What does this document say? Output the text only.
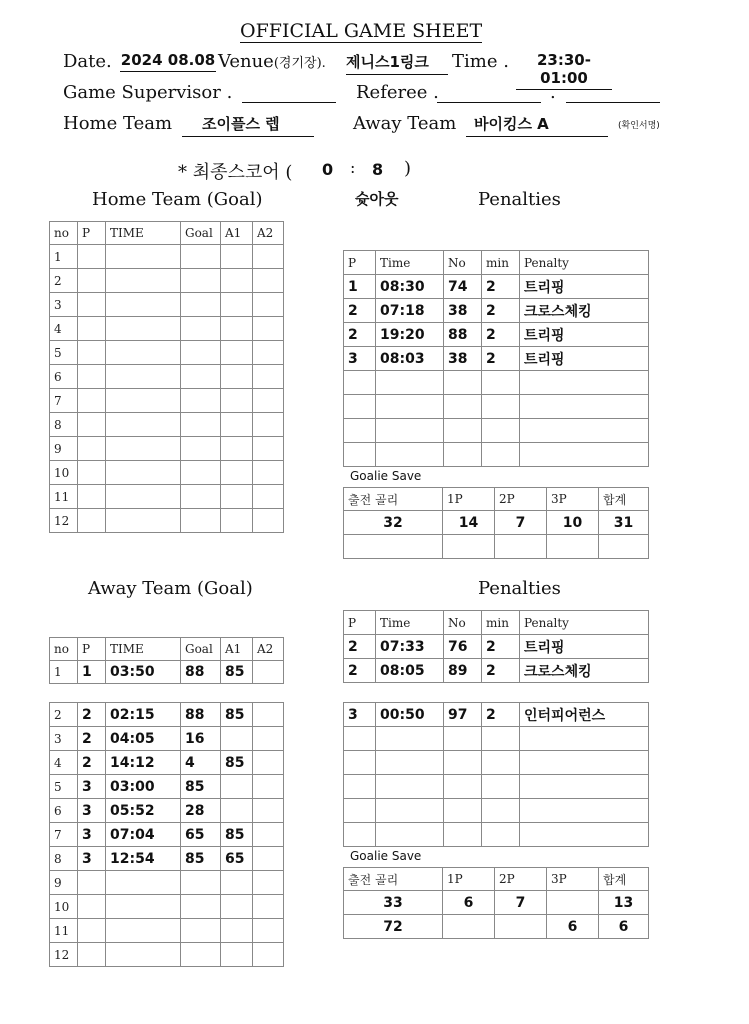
OFFICIAL GAME SHEET
Date. 2024 08.08 Venue(경기장). 제니스1링크	Time .	23:30-01:00
Game Supervisor .	Referee .	.
Home Team	조이플스 렙	Away Team	바이킹스 A	(확인서명)
* 최종스코어 ( 0 : 8 )
슛아웃
Home Team (Goal)	Penalties
no	P	TIME	Goal	A1	A2
1					
2					
3					
4					
5					
6					
7					
8					
9					
10					
11					
12					
P	Time	No	min	Penalty
1	08:30	74	2	트리핑
2	07:18	38	2	크로스체킹
2	19:20	88	2	트리핑
3	08:03	38	2	트리핑

Goalie Save
출전 골리	1P	2P	3P	합계
32	14	7	10	31

Away Team (Goal)	Penalties
no	P	TIME	Goal	A1	A2
1	1	03:50	88	85	
2	2	02:15	88	85	
3	2	04:05	16		
4	2	14:12	4	85	
5	3	03:00	85		
6	3	05:52	28		
7	3	07:04	65	85	
8	3	12:54	85	65	
9					
10					
11					
12					
P	Time	No	min	Penalty
2	07:33	76	2	트리핑
2	08:05	89	2	크로스체킹
3	00:50	97	2	인터피어런스

Goalie Save
출전 골리	1P	2P	3P	합계
33	6	7		13
72			6	6
